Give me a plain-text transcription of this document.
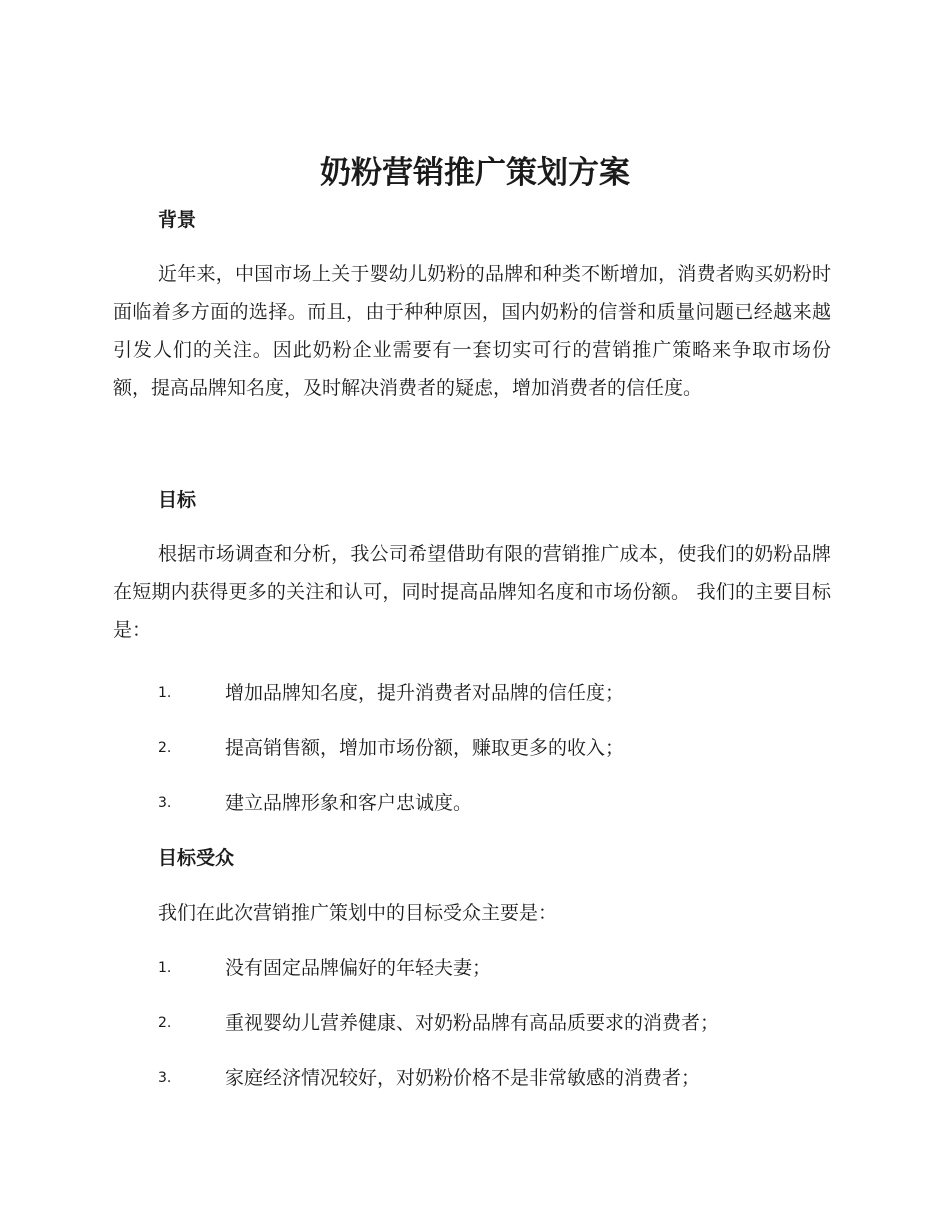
奶粉营销推广策划方案
背景

近年来，中国市场上关于婴幼儿奶粉的品牌和种类不断增加，消费者购买奶粉时面临着多方面的选择。而且，由于种种原因，国内奶粉的信誉和质量问题已经越来越引发人们的关注。因此奶粉企业需要有一套切实可行的营销推广策略来争取市场份额，提高品牌知名度，及时解决消费者的疑虑，增加消费者的信任度。

目标

根据市场调查和分析，我公司希望借助有限的营销推广成本，使我们的奶粉品牌在短期内获得更多的关注和认可，同时提高品牌知名度和市场份额。 我们的主要目标是：

1.	增加品牌知名度，提升消费者对品牌的信任度；
2.	提高销售额，增加市场份额，赚取更多的收入；
3.	建立品牌形象和客户忠诚度。
目标受众

我们在此次营销推广策划中的目标受众主要是：

1.	没有固定品牌偏好的年轻夫妻；
2.	重视婴幼儿营养健康、对奶粉品牌有高品质要求的消费者；
3.	家庭经济情况较好，对奶粉价格不是非常敏感的消费者；
